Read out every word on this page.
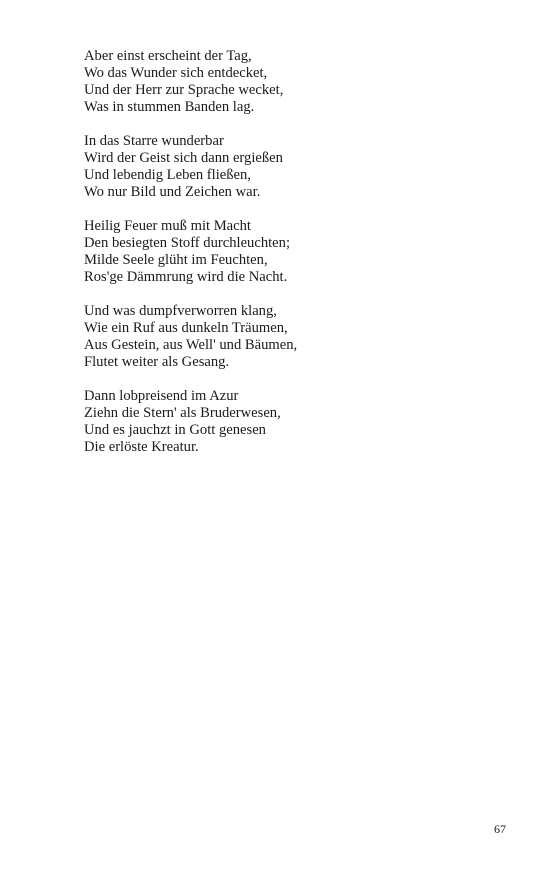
Aber einst erscheint der Tag,
Wo das Wunder sich entdecket,
Und der Herr zur Sprache wecket,
Was in stummen Banden lag.
In das Starre wunderbar
Wird der Geist sich dann ergießen
Und lebendig Leben fließen,
Wo nur Bild und Zeichen war.
Heilig Feuer muß mit Macht
Den besiegten Stoff durchleuchten;
Milde Seele glüht im Feuchten,
Ros'ge Dämmrung wird die Nacht.
Und was dumpfverworren klang,
Wie ein Ruf aus dunkeln Träumen,
Aus Gestein, aus Well' und Bäumen,
Flutet weiter als Gesang.
Dann lobpreisend im Azur
Ziehn die Stern' als Bruderwesen,
Und es jauchzt in Gott genesen
Die erlöste Kreatur.
67
